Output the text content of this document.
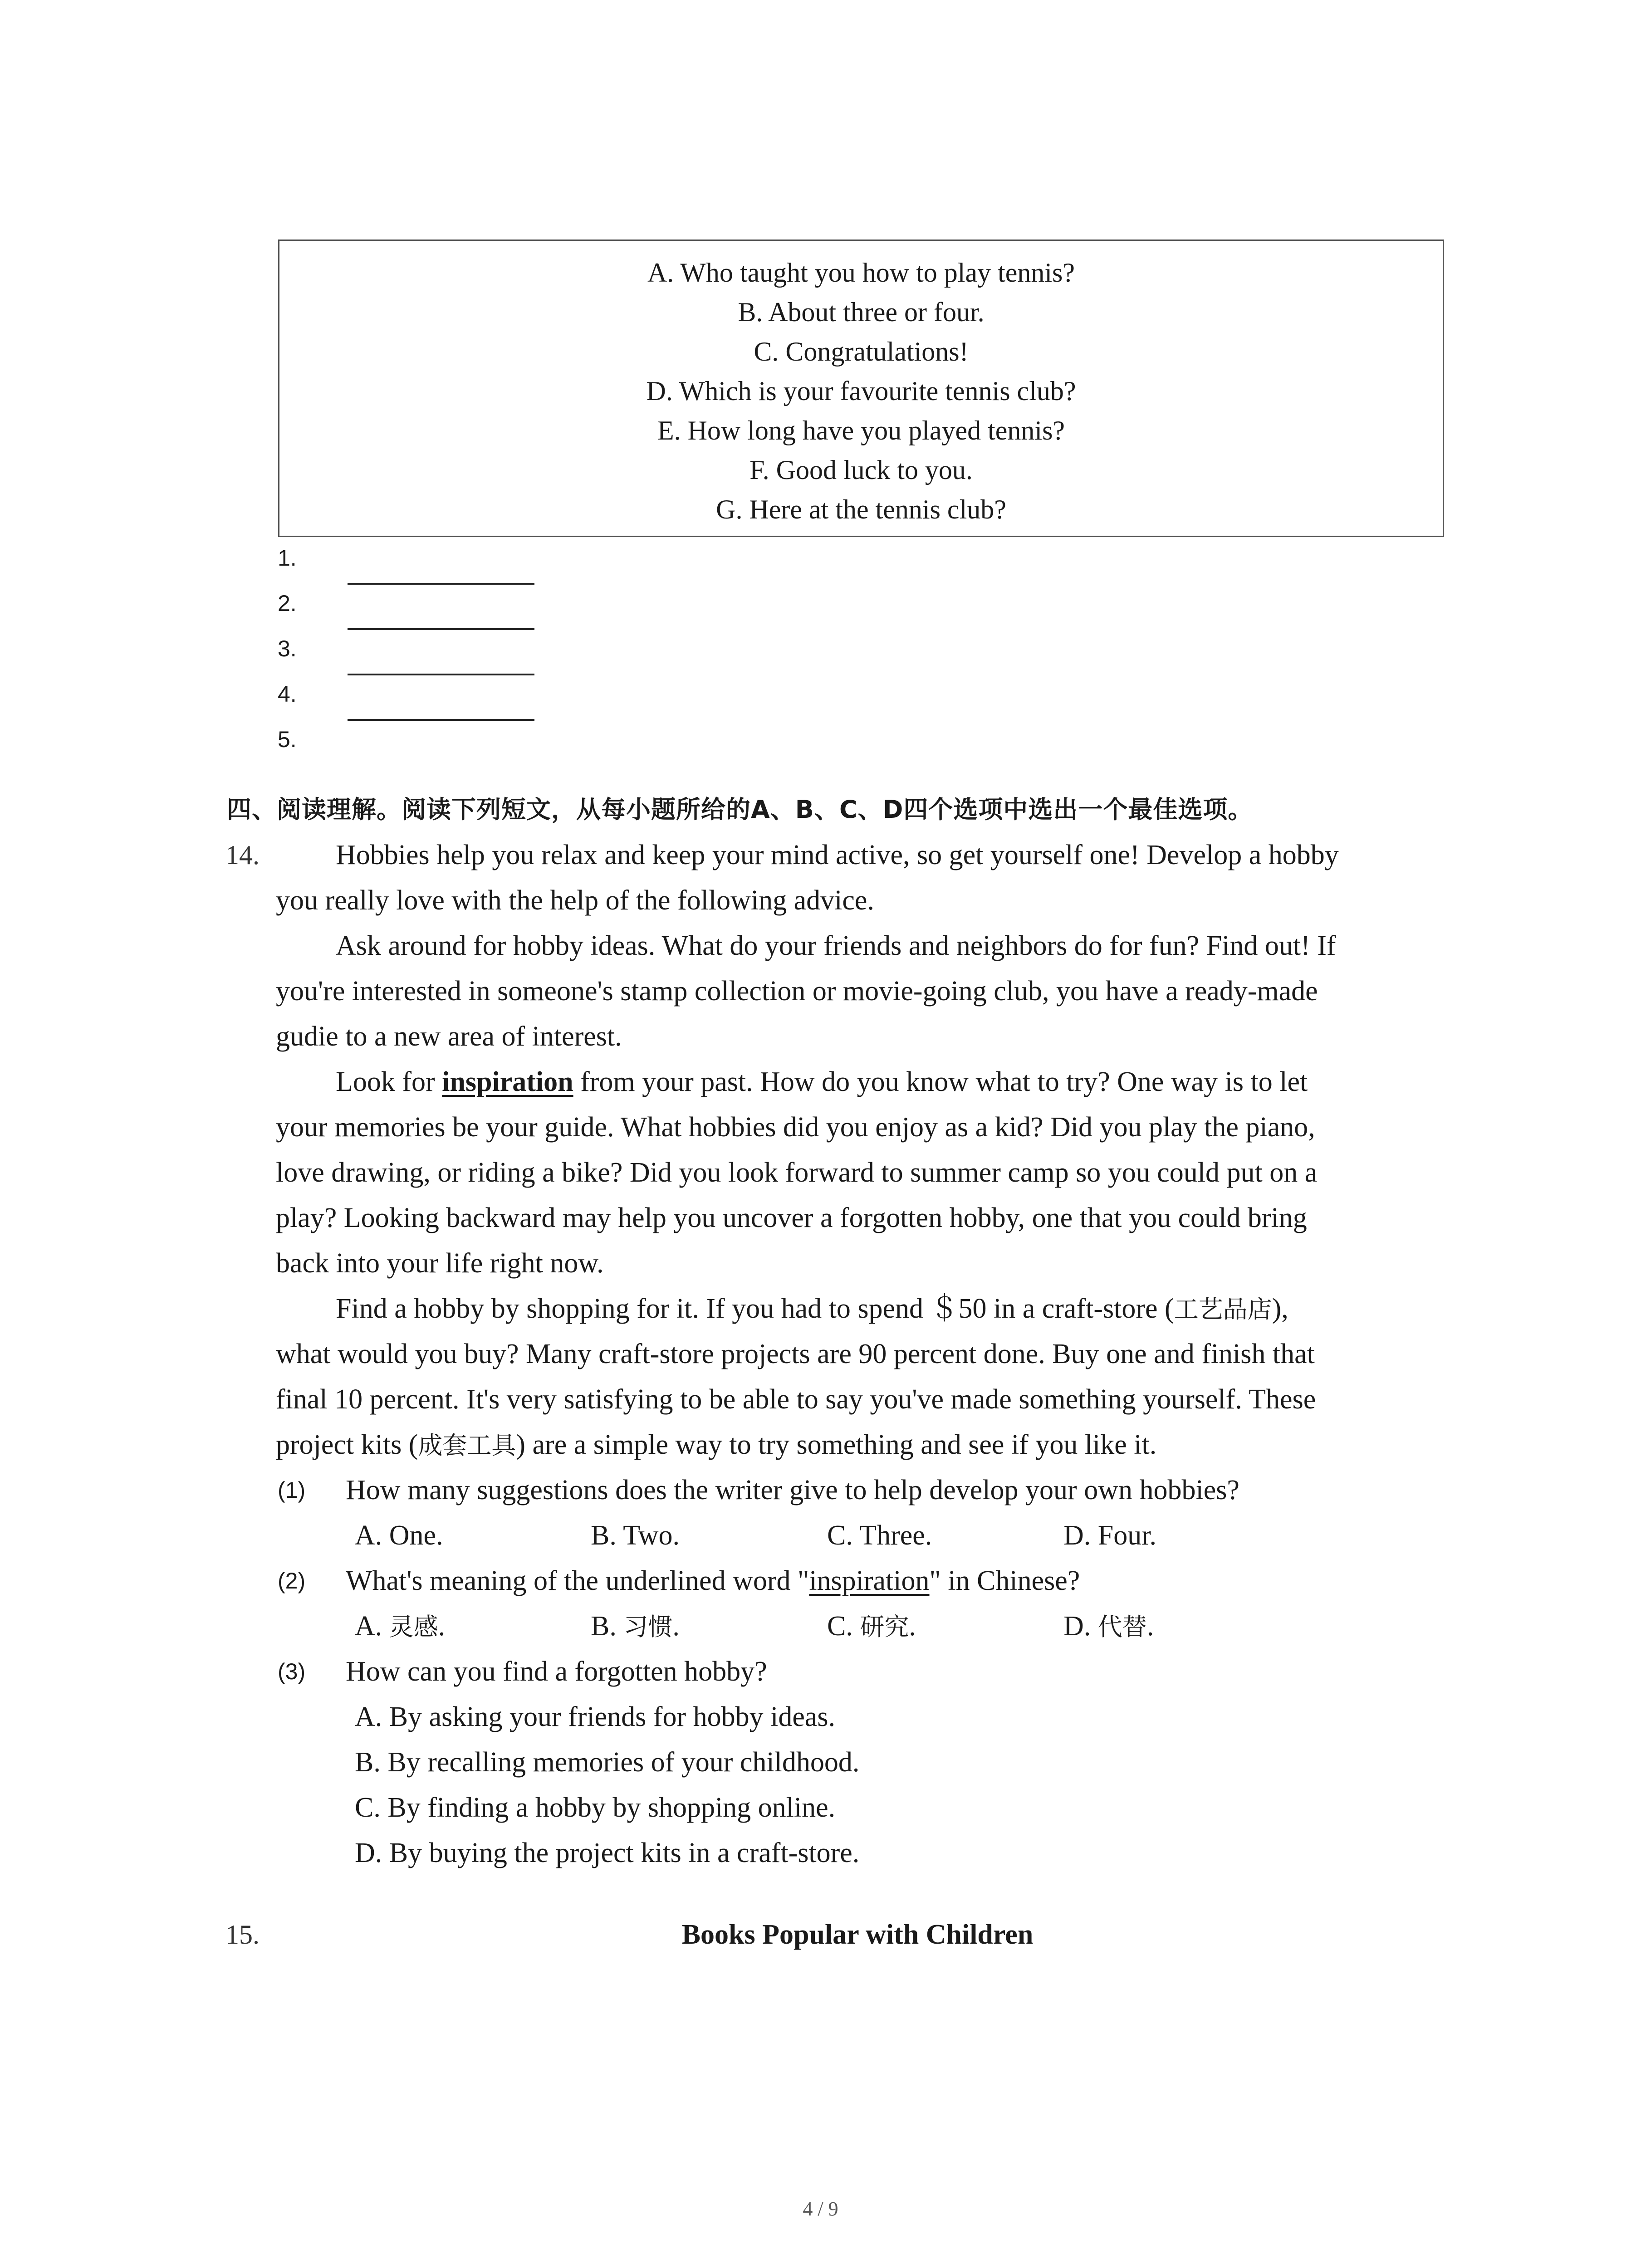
A. Who taught you how to play tennis?
B. About three or four.
C. Congratulations!
D. Which is your favourite tennis club?
E. How long have you played tennis?
F. Good luck to you.
G. Here at the tennis club?
1.
2.
3.
4.
5.
四、阅读理解。阅读下列短文，从每小题所给的A、B、C、D四个选项中选出一个最佳选项。
14.	Hobbies help you relax and keep your mind active, so get yourself one! Develop a hobby
you really love with the help of the following advice.
Ask around for hobby ideas. What do your friends and neighbors do for fun? Find out! If
you're interested in someone's stamp collection or movie-going club, you have a ready-made
gudie to a new area of interest.
Look for inspiration from your past. How do you know what to try? One way is to let
your memories be your guide. What hobbies did you enjoy as a kid? Did you play the piano,
love drawing, or riding a bike? Did you look forward to summer camp so you could put on a
play? Looking backward may help you uncover a forgotten hobby, one that you could bring
back into your life right now.
Find a hobby by shopping for it. If you had to spend ＄50 in a craft-store (工艺品店),
what would you buy? Many craft-store projects are 90 percent done. Buy one and finish that
final 10 percent. It's very satisfying to be able to say you've made something yourself. These
project kits (成套工具) are a simple way to try something and see if you like it.
(1) How many suggestions does the writer give to help develop your own hobbies?
A. One.	B. Two.	C. Three.	D. Four.
(2) What's meaning of the underlined word "inspiration" in Chinese?
A. 灵感.	B. 习惯.	C. 研究.	D. 代替.
(3) How can you find a forgotten hobby?
A. By asking your friends for hobby ideas.
B. By recalling memories of your childhood.
C. By finding a hobby by shopping online.
D. By buying the project kits in a craft-store.
15.	Books Popular with Children
4 / 9
